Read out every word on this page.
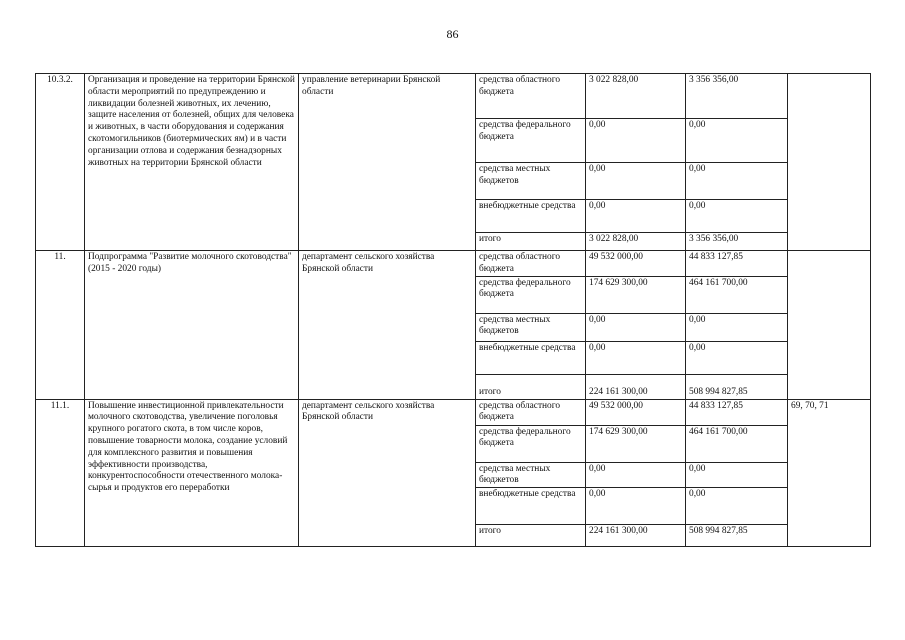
86
10.3.2.	Организация и проведение на территории Брянской области мероприятий по предупреждению и ликвидации болезней животных, их лечению, защите населения от болезней, общих для человека и животных, в части оборудования и содержания скотомогильников (биотермических ям) и в части организации отлова и содержания безнадзорных животных на территории Брянской области	управление ветеринарии Брянской области	средства областного бюджета	3 022 828,00	3 356 356,00	
			средства федерального бюджета	0,00	0,00	
			средства местных бюджетов	0,00	0,00	
			внебюджетные средства	0,00	0,00	
			итого	3 022 828,00	3 356 356,00	
11.	Подпрограмма "Развитие молочного скотоводства" (2015 - 2020 годы)	департамент сельского хозяйства Брянской области	средства областного бюджета	49 532 000,00	44 833 127,85	
			средства федерального бюджета	174 629 300,00	464 161 700,00	
			средства местных бюджетов	0,00	0,00	
			внебюджетные средства	0,00	0,00	
			итого	224 161 300,00	508 994 827,85	
11.1.	Повышение инвестиционной привлекательности молочного скотоводства, увеличение поголовья крупного рогатого скота, в том числе коров, повышение товарности молока, создание условий для комплексного развития и повышения эффективности производства, конкурентоспособности отечественного молока-сырья и продуктов его переработки	департамент сельского хозяйства Брянской области	средства областного бюджета	49 532 000,00	44 833 127,85	69, 70, 71
			средства федерального бюджета	174 629 300,00	464 161 700,00	
			средства местных бюджетов	0,00	0,00	
			внебюджетные средства	0,00	0,00	
			итого	224 161 300,00	508 994 827,85	
